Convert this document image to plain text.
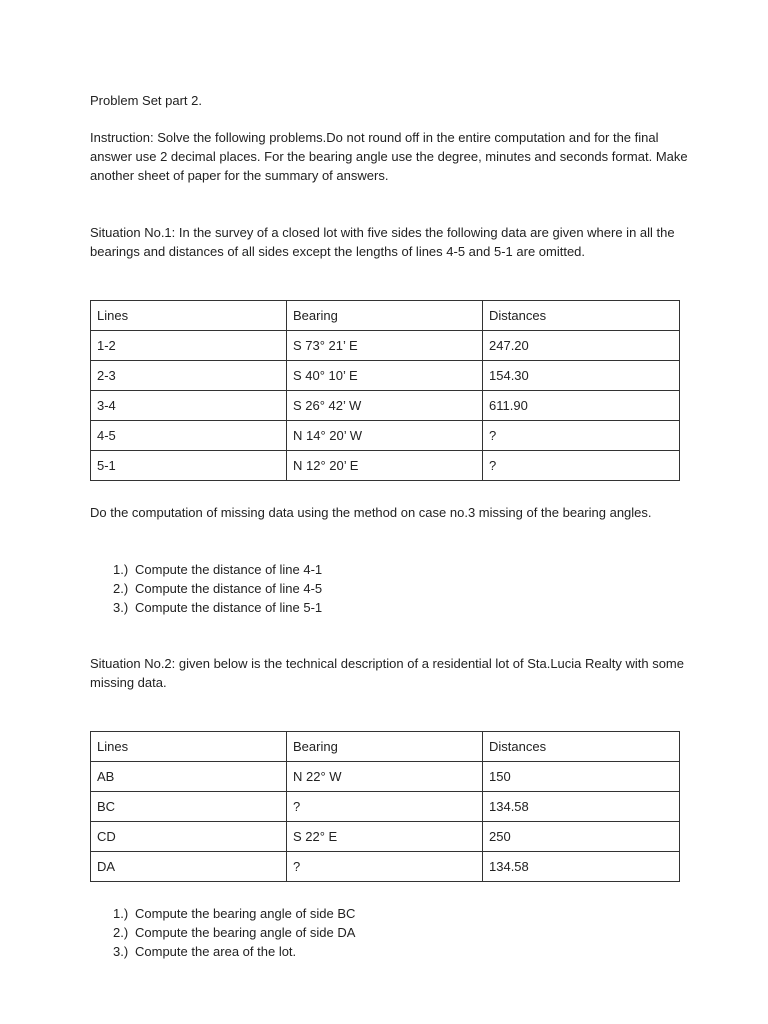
Problem Set part 2.

Instruction: Solve the following problems.Do not round off in the entire computation and for the final answer use 2 decimal places. For the bearing angle use the degree, minutes and seconds format. Make another sheet of paper for the summary of answers.

Situation No.1: In the survey of a closed lot with five sides the following data are given where in all the bearings and distances of all sides except the lengths of lines 4-5 and 5-1 are omitted.

Lines	Bearing	Distances
1-2	S 73° 21’ E	247.20
2-3	S 40° 10’ E	154.30
3-4	S 26° 42’ W	611.90
4-5	N 14° 20’ W	?
5-1	N 12° 20’ E	?

Do the computation of missing data using the method on case no.3 missing of the bearing angles.

1.) Compute the distance of line 4-1
2.) Compute the distance of line 4-5
3.) Compute the distance of line 5-1

Situation No.2: given below is the technical description of a residential lot of Sta.Lucia Realty with some missing data.

Lines	Bearing	Distances
AB	N 22° W	150
BC	?	134.58
CD	S 22° E	250
DA	?	134.58
1.) Compute the bearing angle of side BC
2.) Compute the bearing angle of side DA
3.) Compute the area of the lot.
